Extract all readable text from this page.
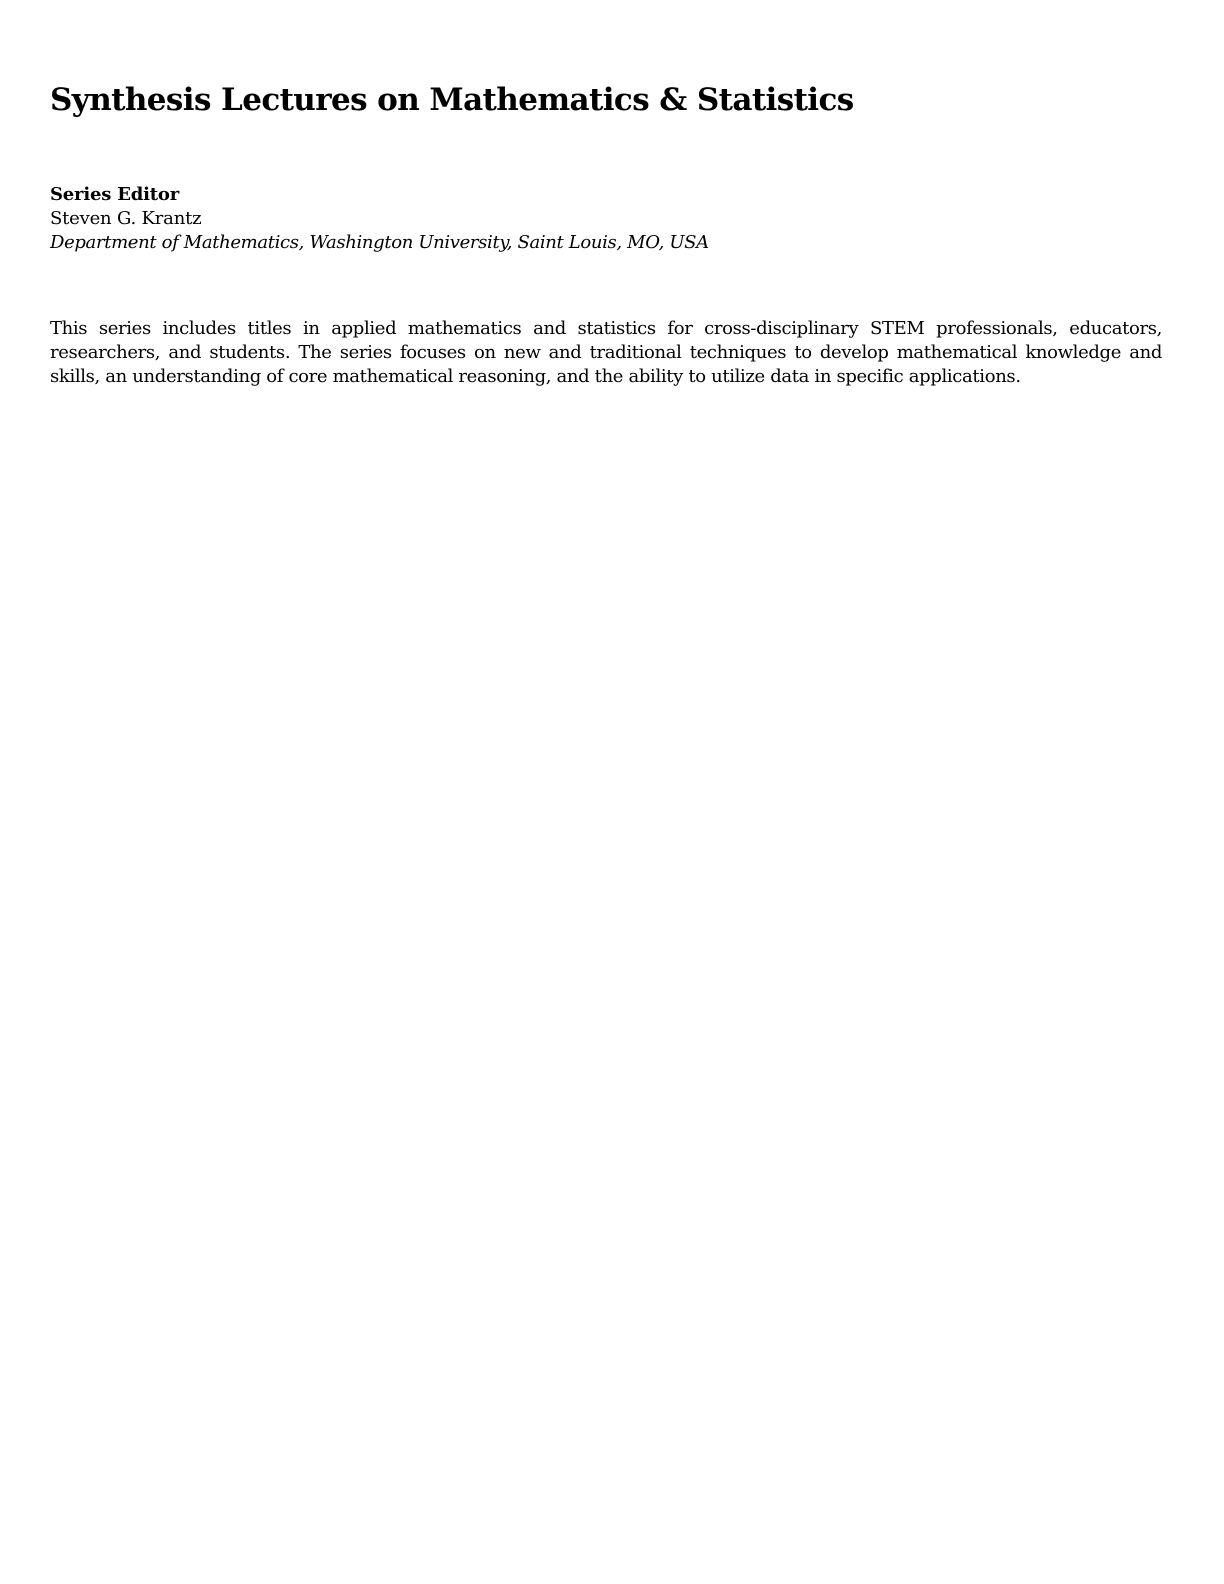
Synthesis Lectures on Mathematics & Statistics

Series Editor

Steven G. Krantz

Department of Mathematics, Washington University, Saint Louis, MO, USA

This series includes titles in applied mathematics and statistics for cross-disciplinary STEM professionals, educators, researchers, and students. The series focuses on new and traditional techniques to develop mathematical knowledge and skills, an understanding of core mathematical reasoning, and the ability to utilize data in specific applications.
